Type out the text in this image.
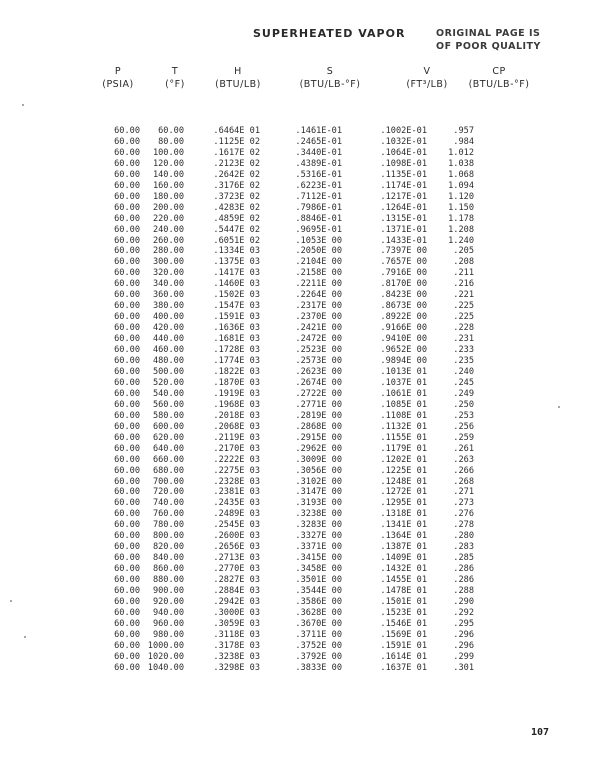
SUPERHEATED VAPOR	ORIGINAL PAGE IS
OF POOR QUALITY
P
(PSIA)
T
(°F)
H
(BTU/LB)
S
(BTU/LB-°F)
V
(FT³/LB)
CP
(BTU/LB-°F)
60.00	60.00	.6464E 01	.1461E-01	.1002E-01	.957
60.00	80.00	.1125E 02	.2465E-01	.1032E-01	.984
60.00	100.00	.1617E 02	.3440E-01	.1064E-01	1.012
60.00	120.00	.2123E 02	.4389E-01	.1098E-01	1.038
60.00	140.00	.2642E 02	.5316E-01	.1135E-01	1.068
60.00	160.00	.3176E 02	.6223E-01	.1174E-01	1.094
60.00	180.00	.3723E 02	.7112E-01	.1217E-01	1.120
60.00	200.00	.4283E 02	.7986E-01	.1264E-01	1.150
60.00	220.00	.4859E 02	.8846E-01	.1315E-01	1.178
60.00	240.00	.5447E 02	.9695E-01	.1371E-01	1.208
60.00	260.00	.6051E 02	.1053E 00	.1433E-01	1.240
60.00	280.00	.1334E 03	.2050E 00	.7397E 00	.205
60.00	300.00	.1375E 03	.2104E 00	.7657E 00	.208
60.00	320.00	.1417E 03	.2158E 00	.7916E 00	.211
60.00	340.00	.1460E 03	.2211E 00	.8170E 00	.216
60.00	360.00	.1502E 03	.2264E 00	.8423E 00	.221
60.00	380.00	.1547E 03	.2317E 00	.8673E 00	.225
60.00	400.00	.1591E 03	.2370E 00	.8922E 00	.225
60.00	420.00	.1636E 03	.2421E 00	.9166E 00	.228
60.00	440.00	.1681E 03	.2472E 00	.9410E 00	.231
60.00	460.00	.1728E 03	.2523E 00	.9652E 00	.233
60.00	480.00	.1774E 03	.2573E 00	.9894E 00	.235
60.00	500.00	.1822E 03	.2623E 00	.1013E 01	.240
60.00	520.00	.1870E 03	.2674E 00	.1037E 01	.245
60.00	540.00	.1919E 03	.2722E 00	.1061E 01	.249
60.00	560.00	.1968E 03	.2771E 00	.1085E 01	.250
60.00	580.00	.2018E 03	.2819E 00	.1108E 01	.253
60.00	600.00	.2068E 03	.2868E 00	.1132E 01	.256
60.00	620.00	.2119E 03	.2915E 00	.1155E 01	.259
60.00	640.00	.2170E 03	.2962E 00	.1179E 01	.261
60.00	660.00	.2222E 03	.3009E 00	.1202E 01	.263
60.00	680.00	.2275E 03	.3056E 00	.1225E 01	.266
60.00	700.00	.2328E 03	.3102E 00	.1248E 01	.268
60.00	720.00	.2381E 03	.3147E 00	.1272E 01	.271
60.00	740.00	.2435E 03	.3193E 00	.1295E 01	.273
60.00	760.00	.2489E 03	.3238E 00	.1318E 01	.276
60.00	780.00	.2545E 03	.3283E 00	.1341E 01	.278
60.00	800.00	.2600E 03	.3327E 00	.1364E 01	.280
60.00	820.00	.2656E 03	.3371E 00	.1387E 01	.283
60.00	840.00	.2713E 03	.3415E 00	.1409E 01	.285
60.00	860.00	.2770E 03	.3458E 00	.1432E 01	.286
60.00	880.00	.2827E 03	.3501E 00	.1455E 01	.286
60.00	900.00	.2884E 03	.3544E 00	.1478E 01	.288
60.00	920.00	.2942E 03	.3586E 00	.1501E 01	.290
60.00	940.00	.3000E 03	.3628E 00	.1523E 01	.292
60.00	960.00	.3059E 03	.3670E 00	.1546E 01	.295
60.00	980.00	.3118E 03	.3711E 00	.1569E 01	.296
60.00	1000.00	.3178E 03	.3752E 00	.1591E 01	.296
60.00	1020.00	.3238E 03	.3792E 00	.1614E 01	.299
60.00	1040.00	.3298E 03	.3833E 00	.1637E 01	.301
107
